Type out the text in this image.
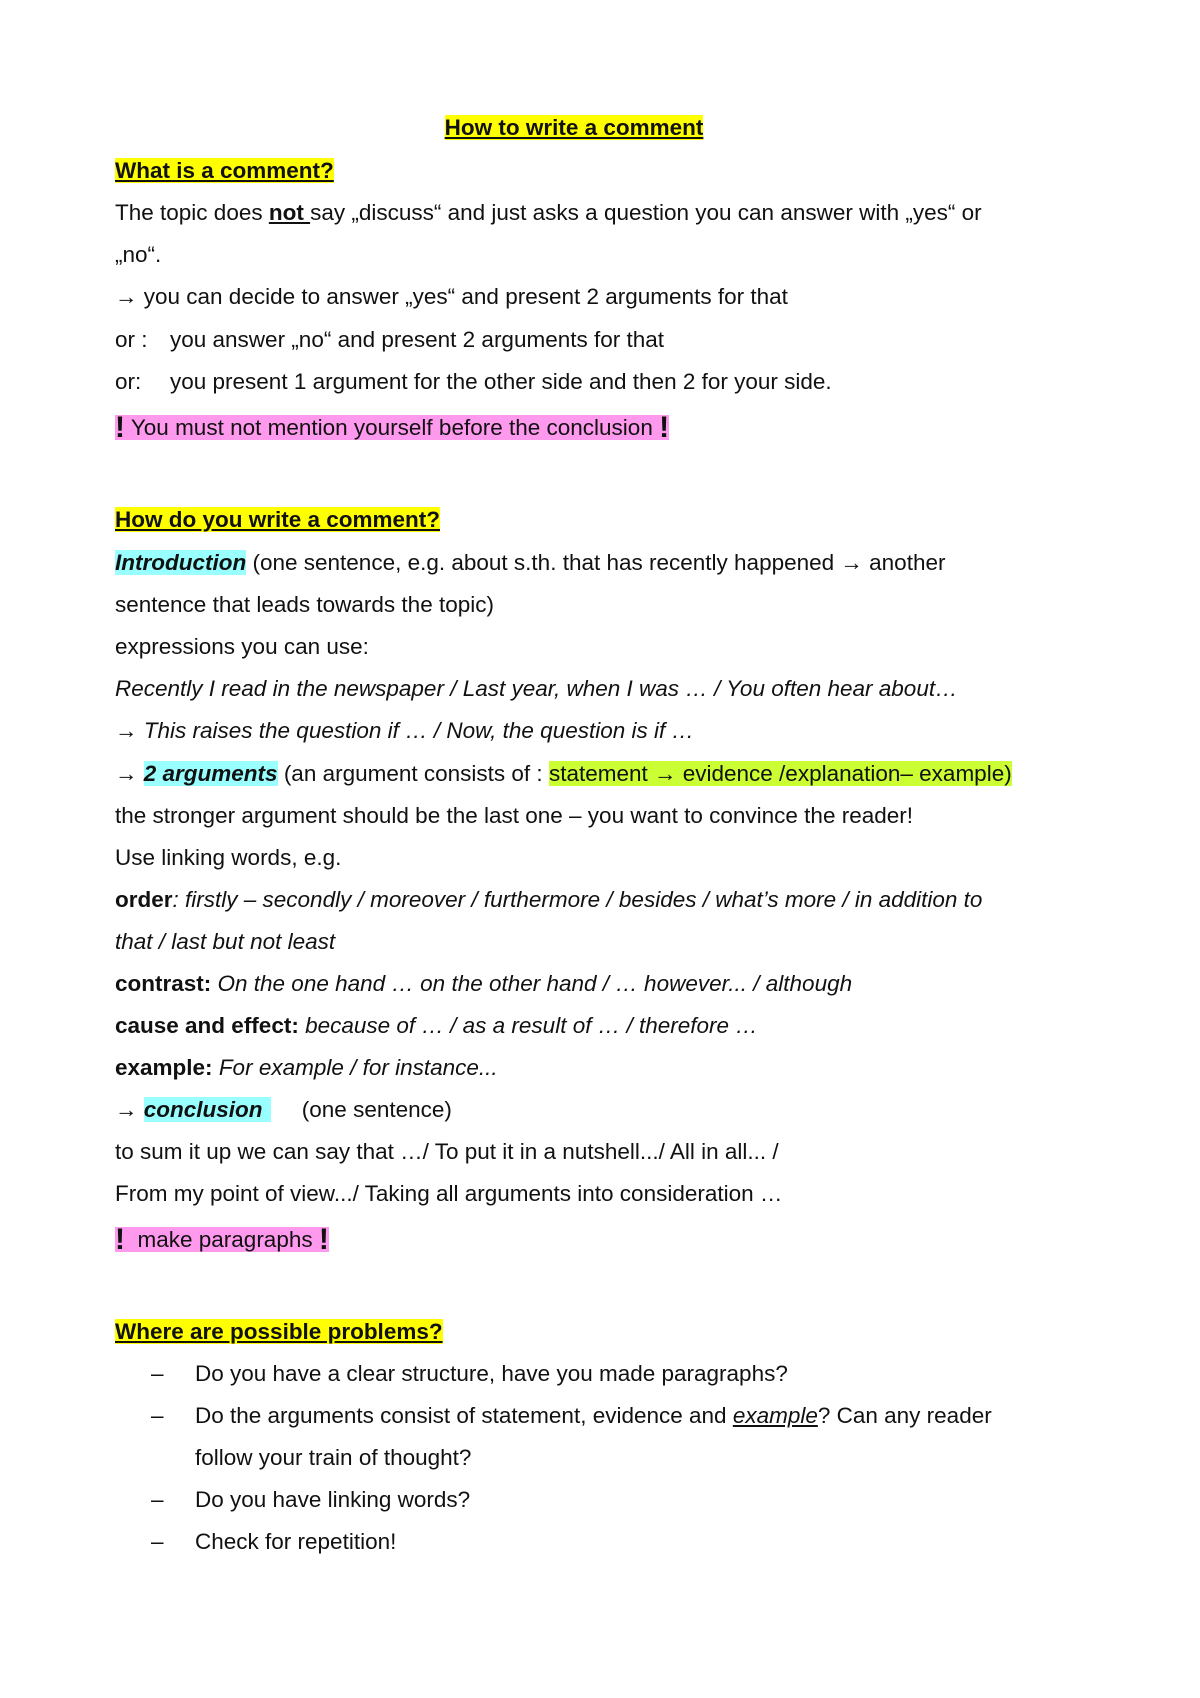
How to write a comment
What is a comment?
The topic does not say „discuss“ and just asks a question you can answer with „yes“ or
„no“.
→ you can decide to answer „yes“ and present 2 arguments for that
or : you answer „no“ and present 2 arguments for that
or: you present 1 argument for the other side and then 2 for your side.
! You must not mention yourself before the conclusion !
How do you write a comment?
Introduction (one sentence, e.g. about s.th. that has recently happened → another
sentence that leads towards the topic)
expressions you can use:
Recently I read in the newspaper / Last year, when I was … / You often hear about…
→ This raises the question if … / Now, the question is if …
→ 2 arguments (an argument consists of : statement → evidence /explanation– example)
the stronger argument should be the last one – you want to convince the reader!
Use linking words, e.g.
order: firstly – secondly / moreover / furthermore / besides / what’s more / in addition to
that / last but not least
contrast: On the one hand … on the other hand / … however... / although
cause and effect: because of … / as a result of … / therefore …
example: For example / for instance...
→ conclusion     (one sentence)
to sum it up we can say that …/ To put it in a nutshell.../ All in all... /
From my point of view.../ Taking all arguments into consideration …
!  make paragraphs !
Where are possible problems?
– Do you have a clear structure, have you made paragraphs?
– Do the arguments consist of statement, evidence and example? Can any reader
follow your train of thought?
– Do you have linking words?
– Check for repetition!
